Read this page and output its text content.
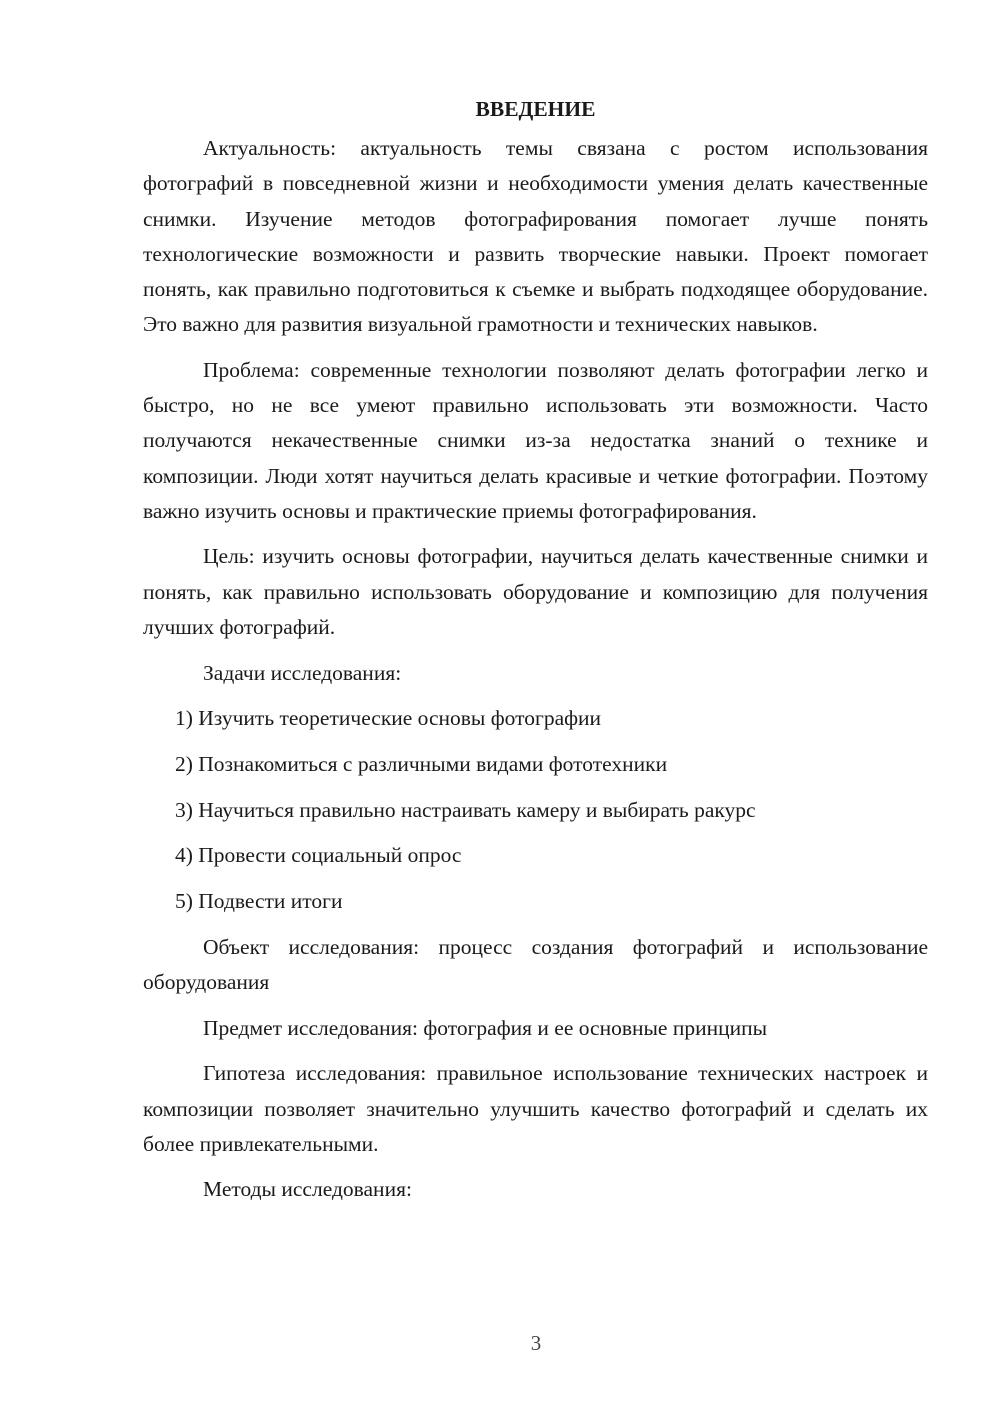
ВВЕДЕНИЕ

Актуальность: актуальность темы связана с ростом использования фотографий в повседневной жизни и необходимости умения делать качественные снимки. Изучение методов фотографирования помогает лучше понять технологические возможности и развить творческие навыки. Проект помогает понять, как правильно подготовиться к съемке и выбрать подходящее оборудование. Это важно для развития визуальной грамотности и технических навыков.

Проблема: современные технологии позволяют делать фотографии легко и быстро, но не все умеют правильно использовать эти возможности. Часто получаются некачественные снимки из-за недостатка знаний о технике и композиции. Люди хотят научиться делать красивые и четкие фотографии. Поэтому важно изучить основы и практические приемы фотографирования.

Цель: изучить основы фотографии, научиться делать качественные снимки и понять, как правильно использовать оборудование и композицию для получения лучших фотографий.

Задачи исследования:

1) Изучить теоретические основы фотографии
2) Познакомиться с различными видами фототехники
3) Научиться правильно настраивать камеру и выбирать ракурс
4) Провести социальный опрос
5) Подвести итоги

Объект исследования: процесс создания фотографий и использование оборудования

Предмет исследования: фотография и ее основные принципы

Гипотеза исследования: правильное использование технических настроек и композиции позволяет значительно улучшить качество фотографий и сделать их более привлекательными.

Методы исследования:

3
